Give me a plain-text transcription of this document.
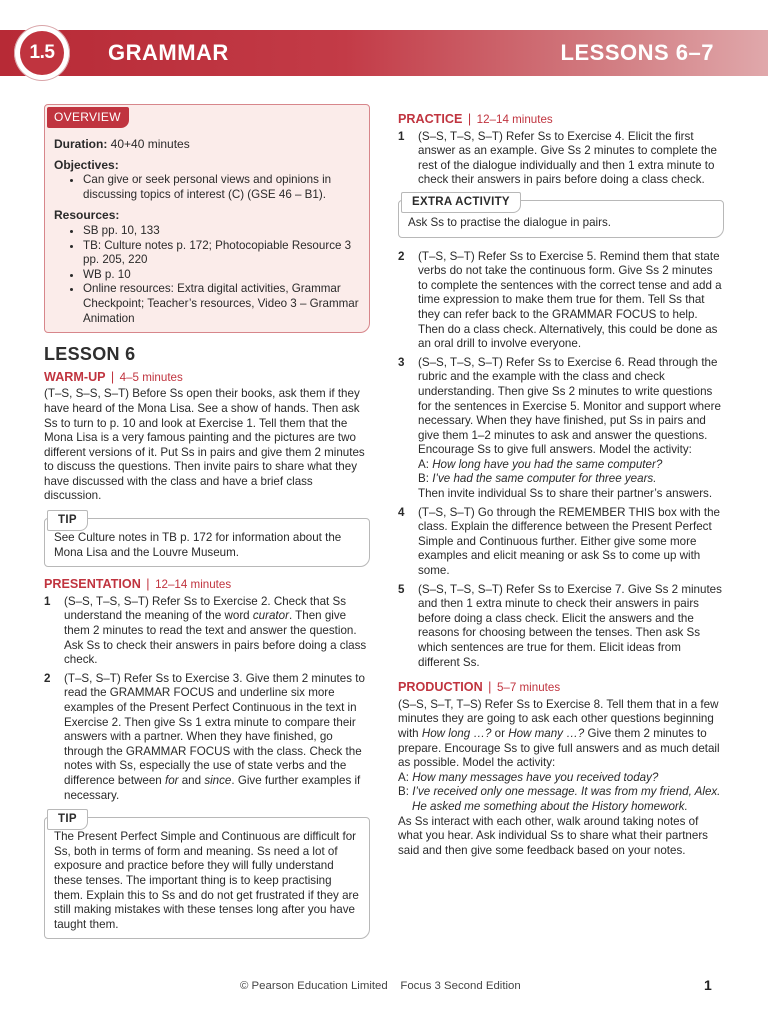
1.5	GRAMMAR	LESSONS 6–7
OVERVIEW
Duration: 40+40 minutes
Objectives:
• Can give or seek personal views and opinions in discussing topics of interest (C) (GSE 46 – B1).
Resources:
• SB pp. 10, 133
• TB: Culture notes p. 172; Photocopiable Resource 3 pp. 205, 220
• WB p. 10
• Online resources: Extra digital activities, Grammar Checkpoint; Teacher’s resources, Video 3 – Grammar Animation
LESSON 6
WARM-UP | 4–5 minutes

(T–S, S–S, S–T) Before Ss open their books, ask them if they have heard of the Mona Lisa. See a show of hands. Then ask Ss to turn to p. 10 and look at Exercise 1. Tell them that the Mona Lisa is a very famous painting and the pictures are two different versions of it. Put Ss in pairs and give them 2 minutes to discuss the questions. Then invite pairs to share what they have discussed with the class and have a brief class discussion.

TIP

See Culture notes in TB p. 172 for information about the Mona Lisa and the Louvre Museum.

PRESENTATION | 12–14 minutes
1	(S–S, T–S, S–T) Refer Ss to Exercise 2. Check that Ss understand the meaning of the word curator. Then give them 2 minutes to read the text and answer the question. Ask Ss to check their answers in pairs before doing a class check.
2	(T–S, S–T) Refer Ss to Exercise 3. Give them 2 minutes to read the GRAMMAR FOCUS and underline six more examples of the Present Perfect Continuous in the text in Exercise 2. Then give Ss 1 extra minute to compare their answers with a partner. When they have finished, go through the GRAMMAR FOCUS with the class. Check the notes with Ss, especially the use of state verbs and the difference between for and since. Give further examples if necessary.
TIP

The Present Perfect Simple and Continuous are difficult for Ss, both in terms of form and meaning. Ss need a lot of exposure and practice before they will fully understand these tenses. The important thing is to keep practising them. Explain this to Ss and do not get frustrated if they are still making mistakes with these tenses long after you have taught them.

PRACTICE | 12–14 minutes
1	(S–S, T–S, S–T) Refer Ss to Exercise 4. Elicit the first answer as an example. Give Ss 2 minutes to complete the rest of the dialogue individually and then 1 extra minute to check their answers in pairs before doing a class check.
EXTRA ACTIVITY

Ask Ss to practise the dialogue in pairs.

2	(T–S, S–T) Refer Ss to Exercise 5. Remind them that state verbs do not take the continuous form. Give Ss 2 minutes to complete the sentences with the correct tense and add a time expression to make them true for them. Tell Ss that they can refer back to the GRAMMAR FOCUS to help. Then do a class check. Alternatively, this could be done as an oral drill to involve everyone.
3	(S–S, T–S, S–T) Refer Ss to Exercise 6. Read through the rubric and the example with the class and check understanding. Then give Ss 2 minutes to write questions for the sentences in Exercise 5. Monitor and support where necessary. When they have finished, put Ss in pairs and give them 1–2 minutes to ask and answer the questions. Encourage Ss to give full answers. Model the activity:
A: How long have you had the same computer?
B: I’ve had the same computer for three years.
Then invite individual Ss to share their partner’s answers.
4	(T–S, S–T) Go through the REMEMBER THIS box with the class. Explain the difference between the Present Perfect Simple and Continuous further. Either give some more examples and elicit meaning or ask Ss to come up with some.
5	(S–S, T–S, S–T) Refer Ss to Exercise 7. Give Ss 2 minutes and then 1 extra minute to check their answers in pairs before doing a class check. Elicit the answers and the reasons for choosing between the tenses. Then ask Ss which sentences are true for them. Elicit ideas from different Ss.
PRODUCTION | 5–7 minutes

(S–S, S–T, T–S) Refer Ss to Exercise 8. Tell them that in a few minutes they are going to ask each other questions beginning with How long …? or How many …? Give them 2 minutes to prepare. Encourage Ss to give full answers and as much detail as possible. Model the activity:
A: How many messages have you received today?
B: I’ve received only one message. It was from my friend, Alex.
He asked me something about the History homework.
As Ss interact with each other, walk around taking notes of what you hear. Ask individual Ss to share what their partners said and then give some feedback based on your notes.

© Pearson Education Limited Focus 3 Second Edition	1
